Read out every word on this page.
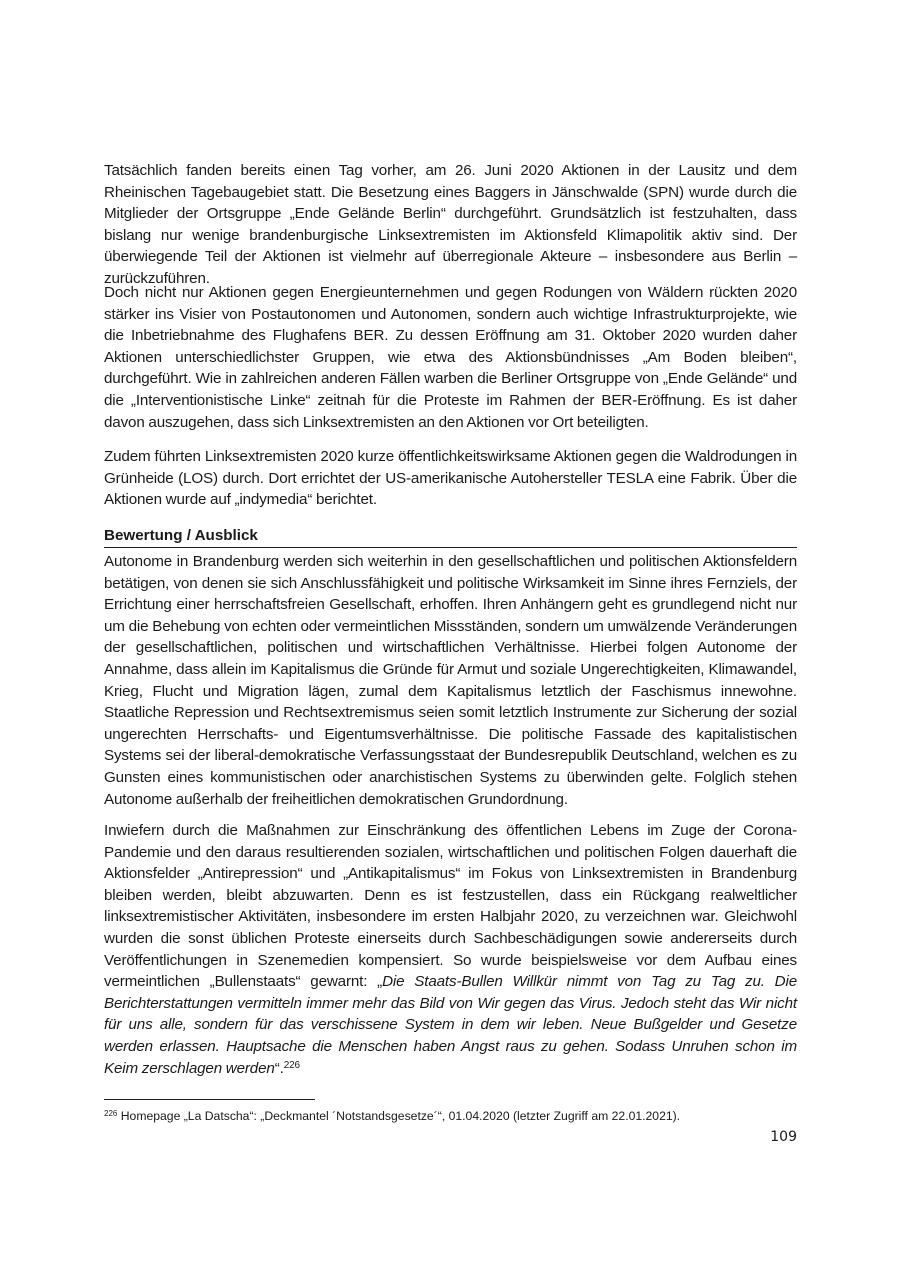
Tatsächlich fanden bereits einen Tag vorher, am 26. Juni 2020 Aktionen in der Lausitz und dem Rheinischen Tagebaugebiet statt. Die Besetzung eines Baggers in Jänschwalde (SPN) wurde durch die Mitglieder der Ortsgruppe „Ende Gelände Berlin“ durchgeführt. Grundsätzlich ist festzuhalten, dass bislang nur wenige brandenburgische Linksextremisten im Aktionsfeld Klimapolitik aktiv sind. Der überwiegende Teil der Aktionen ist vielmehr auf überregionale Akteure – insbesondere aus Berlin – zurückzuführen.

Doch nicht nur Aktionen gegen Energieunternehmen und gegen Rodungen von Wäldern rückten 2020 stärker ins Visier von Postautonomen und Autonomen, sondern auch wichtige Infrastrukturprojekte, wie die Inbetriebnahme des Flughafens BER. Zu dessen Eröffnung am 31. Oktober 2020 wurden daher Aktionen unterschiedlichster Gruppen, wie etwa des Aktionsbündnisses „Am Boden bleiben“, durchgeführt. Wie in zahlreichen anderen Fällen warben die Berliner Ortsgruppe von „Ende Gelände“ und die „Interventionistische Linke“ zeitnah für die Proteste im Rahmen der BER-Eröffnung. Es ist daher davon auszugehen, dass sich Linksextremisten an den Aktionen vor Ort beteiligten.

Zudem führten Linksextremisten 2020 kurze öffentlichkeitswirksame Aktionen gegen die Waldrodungen in Grünheide (LOS) durch. Dort errichtet der US-amerikanische Autohersteller TESLA eine Fabrik. Über die Aktionen wurde auf „indymedia“ berichtet.

Bewertung / Ausblick

Autonome in Brandenburg werden sich weiterhin in den gesellschaftlichen und politischen Aktionsfeldern betätigen, von denen sie sich Anschlussfähigkeit und politische Wirksamkeit im Sinne ihres Fernziels, der Errichtung einer herrschaftsfreien Gesellschaft, erhoffen. Ihren Anhängern geht es grundlegend nicht nur um die Behebung von echten oder vermeintlichen Missständen, sondern um umwälzende Veränderungen der gesellschaftlichen, politischen und wirtschaftlichen Verhältnisse. Hierbei folgen Autonome der Annahme, dass allein im Kapitalismus die Gründe für Armut und soziale Ungerechtigkeiten, Klimawandel, Krieg, Flucht und Migration lägen, zumal dem Kapitalismus letztlich der Faschismus innewohne. Staatliche Repression und Rechtsextremismus seien somit letztlich Instrumente zur Sicherung der sozial ungerechten Herrschafts- und Eigentumsverhältnisse. Die politische Fassade des kapitalistischen Systems sei der liberal-demokratische Verfassungsstaat der Bundesrepublik Deutschland, welchen es zu Gunsten eines kommunistischen oder anarchistischen Systems zu überwinden gelte. Folglich stehen Autonome außerhalb der freiheitlichen demokratischen Grundordnung.

Inwiefern durch die Maßnahmen zur Einschränkung des öffentlichen Lebens im Zuge der Corona-Pandemie und den daraus resultierenden sozialen, wirtschaftlichen und politischen Folgen dauerhaft die Aktionsfelder „Antirepression“ und „Antikapitalismus“ im Fokus von Linksextremisten in Brandenburg bleiben werden, bleibt abzuwarten. Denn es ist festzustellen, dass ein Rückgang realweltlicher linksextremistischer Aktivitäten, insbesondere im ersten Halbjahr 2020, zu verzeichnen war. Gleichwohl wurden die sonst üblichen Proteste einerseits durch Sachbeschädigungen sowie andererseits durch Veröffentlichungen in Szenemedien kompensiert. So wurde beispielsweise vor dem Aufbau eines vermeintlichen „Bullenstaats“ gewarnt: „Die Staats-Bullen Willkür nimmt von Tag zu Tag zu. Die Berichterstattungen vermitteln immer mehr das Bild von Wir gegen das Virus. Jedoch steht das Wir nicht für uns alle, sondern für das verschissene System in dem wir leben. Neue Bußgelder und Gesetze werden erlassen. Hauptsache die Menschen haben Angst raus zu gehen. Sodass Unruhen schon im Keim zerschlagen werden“.$^{226}$

$^{226}$ Homepage „La Datscha“: „Deckmantel ´Notstandsgesetze´“, 01.04.2020 (letzter Zugriff am 22.01.2021).

109
